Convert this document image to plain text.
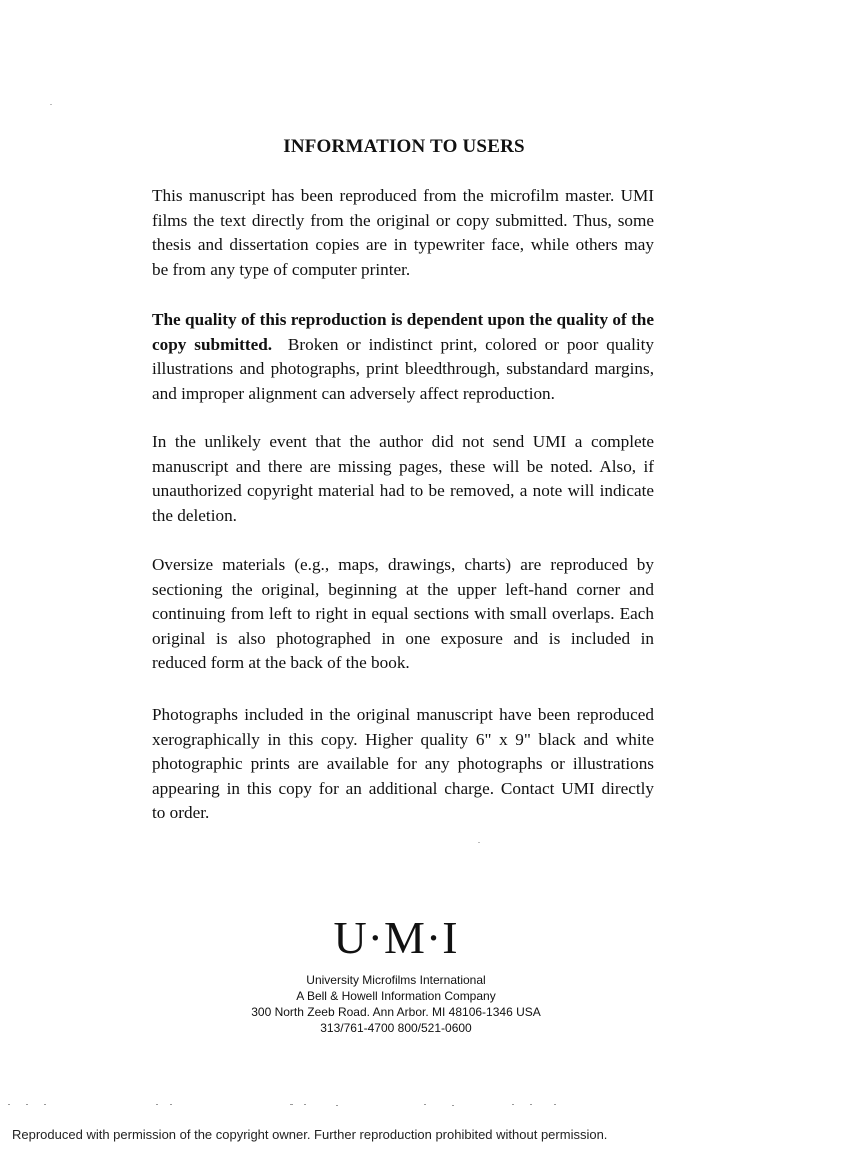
INFORMATION TO USERS
This manuscript has been reproduced from the microfilm master. UMI
films the text directly from the original or copy submitted. Thus, some
thesis and dissertation copies are in typewriter face, while others may
be from any type of computer printer.
The quality of this reproduction is dependent upon the quality of the
copy submitted. Broken or indistinct print, colored or poor quality
illustrations and photographs, print bleedthrough, substandard margins,
and improper alignment can adversely affect reproduction.
In the unlikely event that the author did not send UMI a complete
manuscript and there are missing pages, these will be noted. Also, if
unauthorized copyright material had to be removed, a note will indicate
the deletion.
Oversize materials (e.g., maps, drawings, charts) are reproduced by
sectioning the original, beginning at the upper left-hand corner and
continuing from left to right in equal sections with small overlaps. Each
original is also photographed in one exposure and is included in
reduced form at the back of the book.
Photographs included in the original manuscript have been reproduced
xerographically in this copy. Higher quality 6" x 9" black and white
photographic prints are available for any photographs or illustrations
appearing in this copy for an additional charge. Contact UMI directly
to order.
U·M·I
University Microfilms International
A Bell & Howell Information Company
300 North Zeeb Road. Ann Arbor. MI 48106-1346 USA
313/761-4700 800/521-0600
Reproduced with permission of the copyright owner. Further reproduction prohibited without permission.
